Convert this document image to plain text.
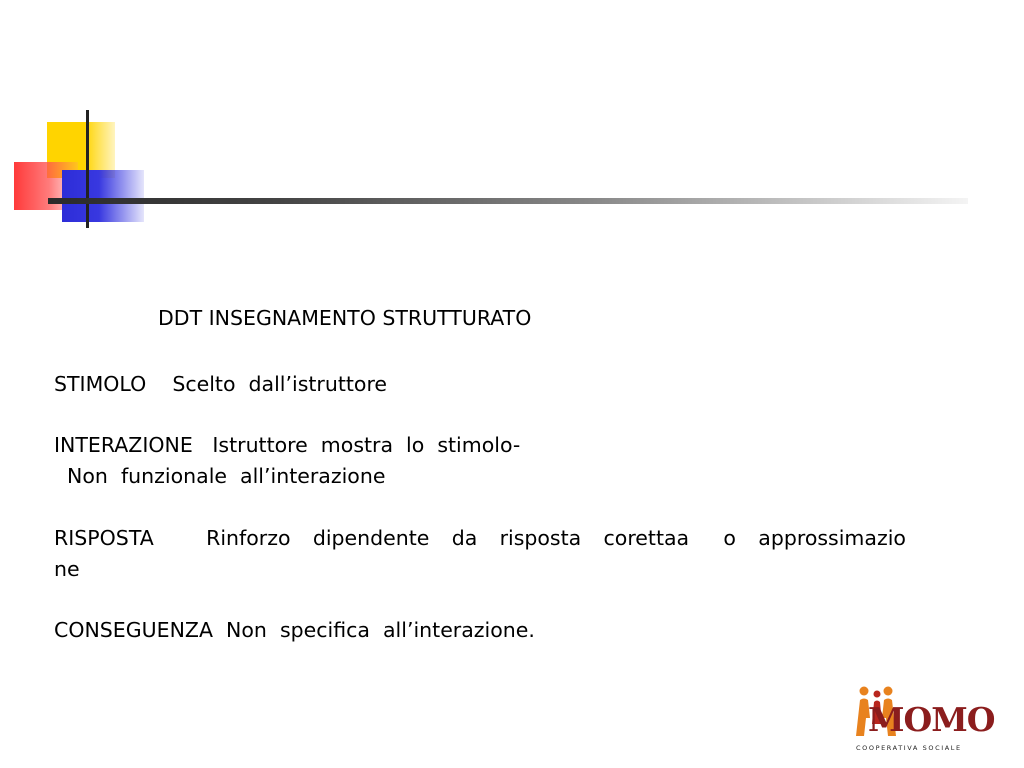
DDT INSEGNAMENTO STRUTTURATO
STIMOLO Scelto  dall’istruttore
INTERAZIONE Istruttore  mostra  lo  stimolo-
Non  funzionale  all’interazione
RISPOSTA	Rinforzo dipendente da risposta corettaa o approssimazio
ne
CONSEGUENZA Non  specifica  all’interazione.
MOMO
COOPERATIVA SOCIALE
